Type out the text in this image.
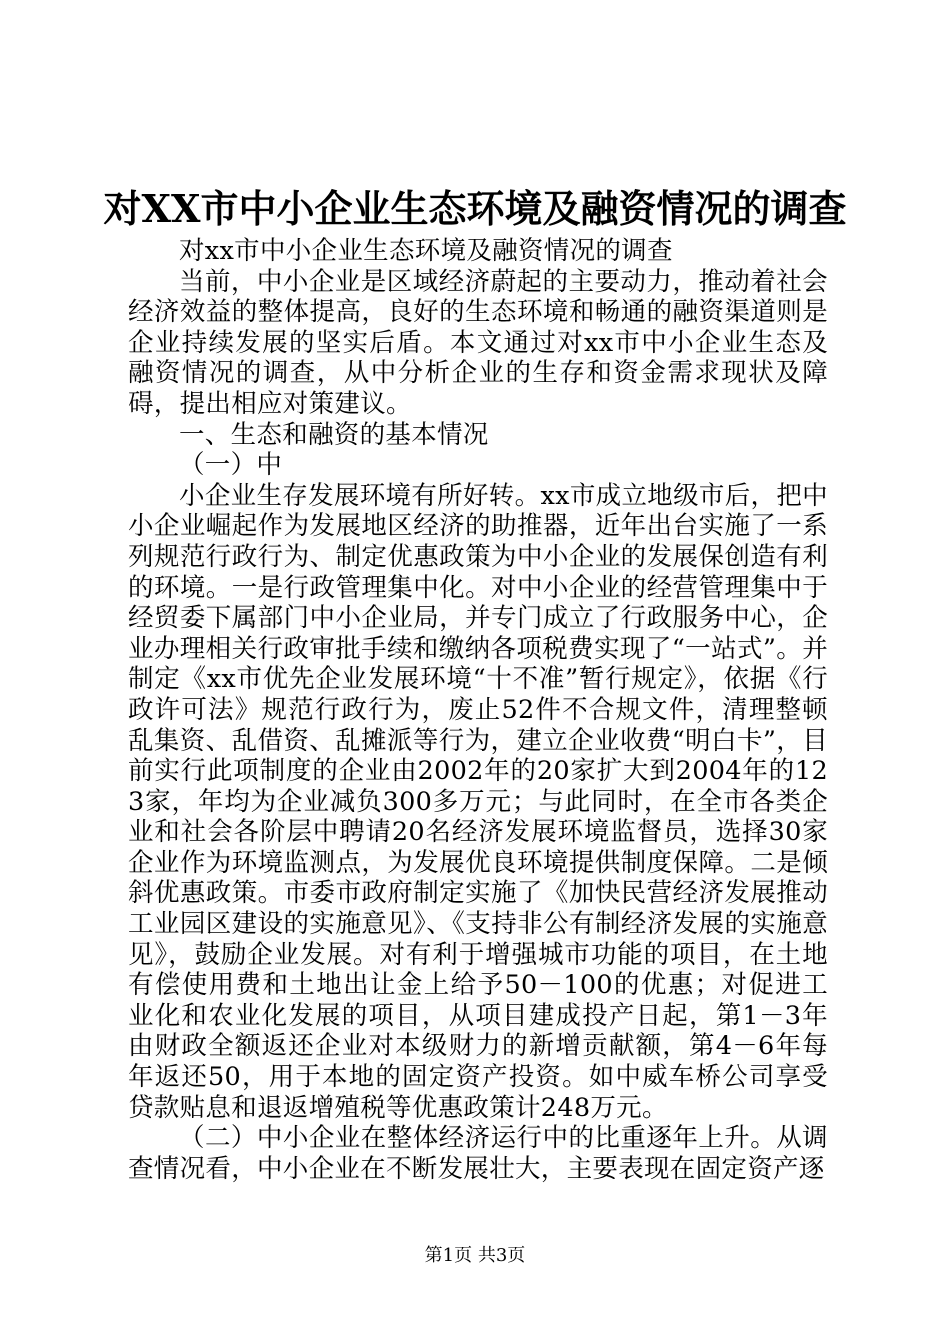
对XX市中小企业生态环境及融资情况的调查

对xx市中小企业生态环境及融资情况的调查

当前，中小企业是区域经济蔚起的主要动力，推动着社会经济效益的整体提高，良好的生态环境和畅通的融资渠道则是企业持续发展的坚实后盾。本文通过对xx市中小企业生态及融资情况的调查，从中分析企业的生存和资金需求现状及障碍，提出相应对策建议。

一、生态和融资的基本情况

（一）中

小企业生存发展环境有所好转。xx市成立地级市后，把中小企业崛起作为发展地区经济的助推器，近年出台实施了一系列规范行政行为、制定优惠政策为中小企业的发展保创造有利的环境。一是行政管理集中化。对中小企业的经营管理集中于经贸委下属部门中小企业局，并专门成立了行政服务中心，企业办理相关行政审批手续和缴纳各项税费实现了“一站式”。并制定《xx市优先企业发展环境“十不准”暂行规定》，依据《行政许可法》规范行政行为，废止52件不合规文件，清理整顿乱集资、乱借资、乱摊派等行为，建立企业收费“明白卡”，目前实行此项制度的企业由2002年的20家扩大到2004年的123家，年均为企业减负300多万元；与此同时，在全市各类企业和社会各阶层中聘请20名经济发展环境监督员，选择30家企业作为环境监测点，为发展优良环境提供制度保障。二是倾斜优惠政策。市委市政府制定实施了《加快民营经济发展推动工业园区建设的实施意见》、《支持非公有制经济发展的实施意见》，鼓励企业发展。对有利于增强城市功能的项目，在土地有偿使用费和土地出让金上给予50－100的优惠；对促进工业化和农业化发展的项目，从项目建成投产日起，第1－3年由财政全额返还企业对本级财力的新增贡献额，第4－6年每年返还50，用于本地的固定资产投资。如中威车桥公司享受贷款贴息和退返增殖税等优惠政策计248万元。

（二）中小企业在整体经济运行中的比重逐年上升。从调查情况看，中小企业在不断发展壮大，主要表现在固定资产逐

第1页 共3页
